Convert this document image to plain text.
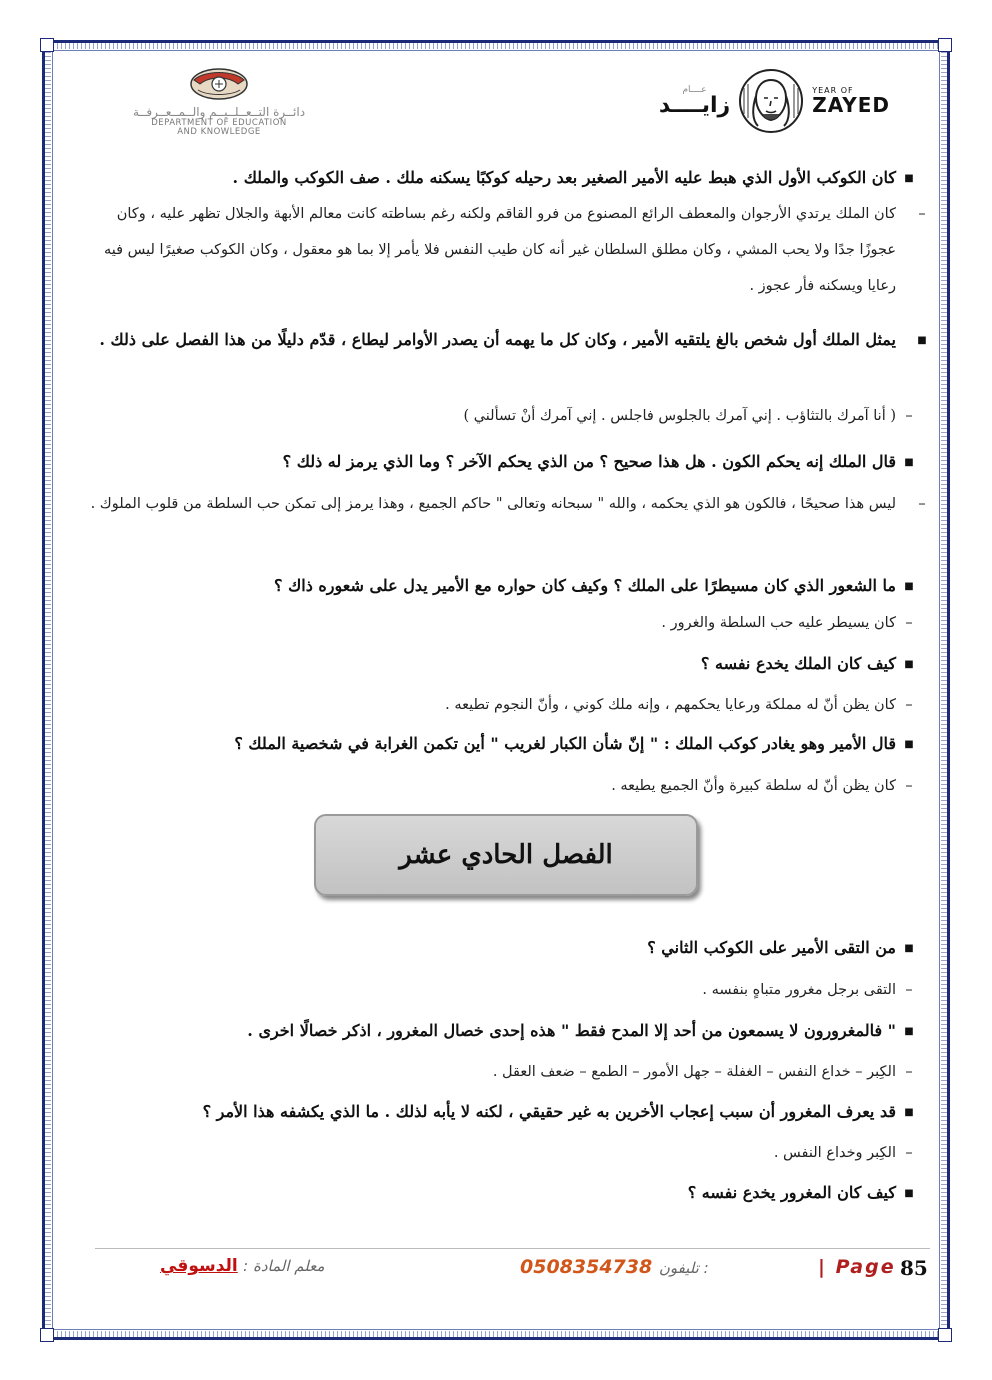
عــــام
زايــــد
YEAR OF
ZAYED
دائــرة التــعــلــيــم والــمــعــرفــة
DEPARTMENT OF EDUCATION
AND KNOWLEDGE
■كان الكوكب الأول الذي هبط عليه الأمير الصغير بعد رحيله كوكبًا يسكنه ملك . صف الكوكب والملك .
–كان الملك يرتدي الأرجوان والمعطف الرائع المصنوع من فرو القاقم ولكنه رغم بساطته كانت معالم الأبهة والجلال تظهر عليه ، وكان عجوزًا جدًا ولا يحب المشي ، وكان مطلق السلطان غير أنه كان طيب النفس فلا يأمر إلا بما هو معقول ، وكان الكوكب صغيرًا ليس فيه رعايا ويسكنه فأر عجوز .
■يمثل الملك أول شخص بالغ يلتقيه الأمير ، وكان كل ما يهمه أن يصدر الأوامر ليطاع ، قدّم دليلًا من هذا الفصل على ذلك .
–( أنا آمرك بالتثاؤب . إني آمرك بالجلوس فاجلس . إني آمرك أنْ تسألني )
■قال الملك إنه يحكم الكون . هل هذا صحيح ؟ من الذي يحكم الآخر ؟ وما الذي يرمز له ذلك ؟
–ليس هذا صحيحًا ، فالكون هو الذي يحكمه ، والله " سبحانه وتعالى " حاكم الجميع ، وهذا يرمز إلى تمكن حب السلطة من قلوب الملوك .
■ما الشعور الذي كان مسيطرًا على الملك ؟ وكيف كان حواره مع الأمير يدل على شعوره ذاك ؟
–كان يسيطر عليه حب السلطة والغرور .
■كيف كان الملك يخدع نفسه ؟
–كان يظن أنّ له مملكة ورعايا يحكمهم ، وإنه ملك كوني ، وأنّ النجوم تطيعه .
■قال الأمير وهو يغادر كوكب الملك : " إنّ شأن الكبار لغريب " أين تكمن الغرابة في شخصية الملك ؟
–كان يظن أنّ له سلطة كبيرة وأنّ الجميع يطيعه .
الفصل الحادي عشر
■من التقى الأمير على الكوكب الثاني ؟
–التقى برجل مغرور متباهٍ بنفسه .
■" فالمغرورون لا يسمعون من أحد إلا المدح فقط " هذه إحدى خصال المغرور ، اذكر خصالًا اخرى .
–الكِبر – خداع النفس – الغفلة – جهل الأمور – الطمع – ضعف العقل .
■قد يعرف المغرور أن سبب إعجاب الأخرين به غير حقيقي ، لكنه لا يأبه لذلك . ما الذي يكشفه هذا الأمر ؟
–الكِبر وخداع النفس .
■كيف كان المغرور يخدع نفسه ؟
85
| Page
0508354738 تليفون :
معلم المادة : الدسوقي
